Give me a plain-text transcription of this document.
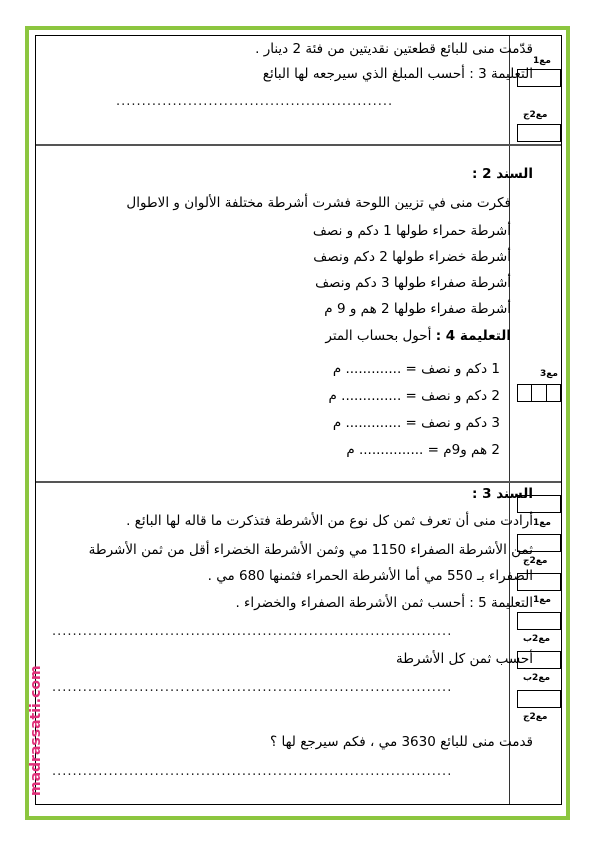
قدّمت منى للبائع قطعتين نقديتين من فئة 2 دينار .
التعليمة 3 : أحسب المبلغ الذي سيرجعه لها البائع
......................................................
مع1
مع2ج
السند 2 :
فكرت منى في تزيين اللوحة فشرت أشرطة مختلفة الألوان و الاطوال
أشرطة حمراء طولها 1 دكم و نصف
أشرطة خضراء طولها 2 دكم ونصف
أشرطة صفراء طولها 3 دكم ونصف
أشرطة صفراء طولها 2 هم و 9 م
التعليمة 4 : أحول بحساب المتر
1 دكم و نصف = ............. م
2 دكم و نصف = .............. م
3 دكم و نصف = ............. م
2 هم و9م = ............... م
مع3
السند 3 :
أرادت منى أن تعرف ثمن كل نوع من الأشرطة فتذكرت ما قاله لها البائع .
ثمن الأشرطة الصفراء 1150 مي وثمن الأشرطة الخضراء أقل من ثمن الأشرطة
الصفراء بـ 550 مي أما الأشرطة الحمراء فثمنها 680 مي .
التعليمة 5 : أحسب ثمن الأشرطة الصفراء والخضراء .
..............................................................................
أحسب ثمن كل الأشرطة
..............................................................................
قدمت منى للبائع 3630 مي ، فكم سيرجع لها ؟
..............................................................................
مع1
مع2ج
مع1
مع2ب
مع2ب
مع2ج
madrassatii.com
